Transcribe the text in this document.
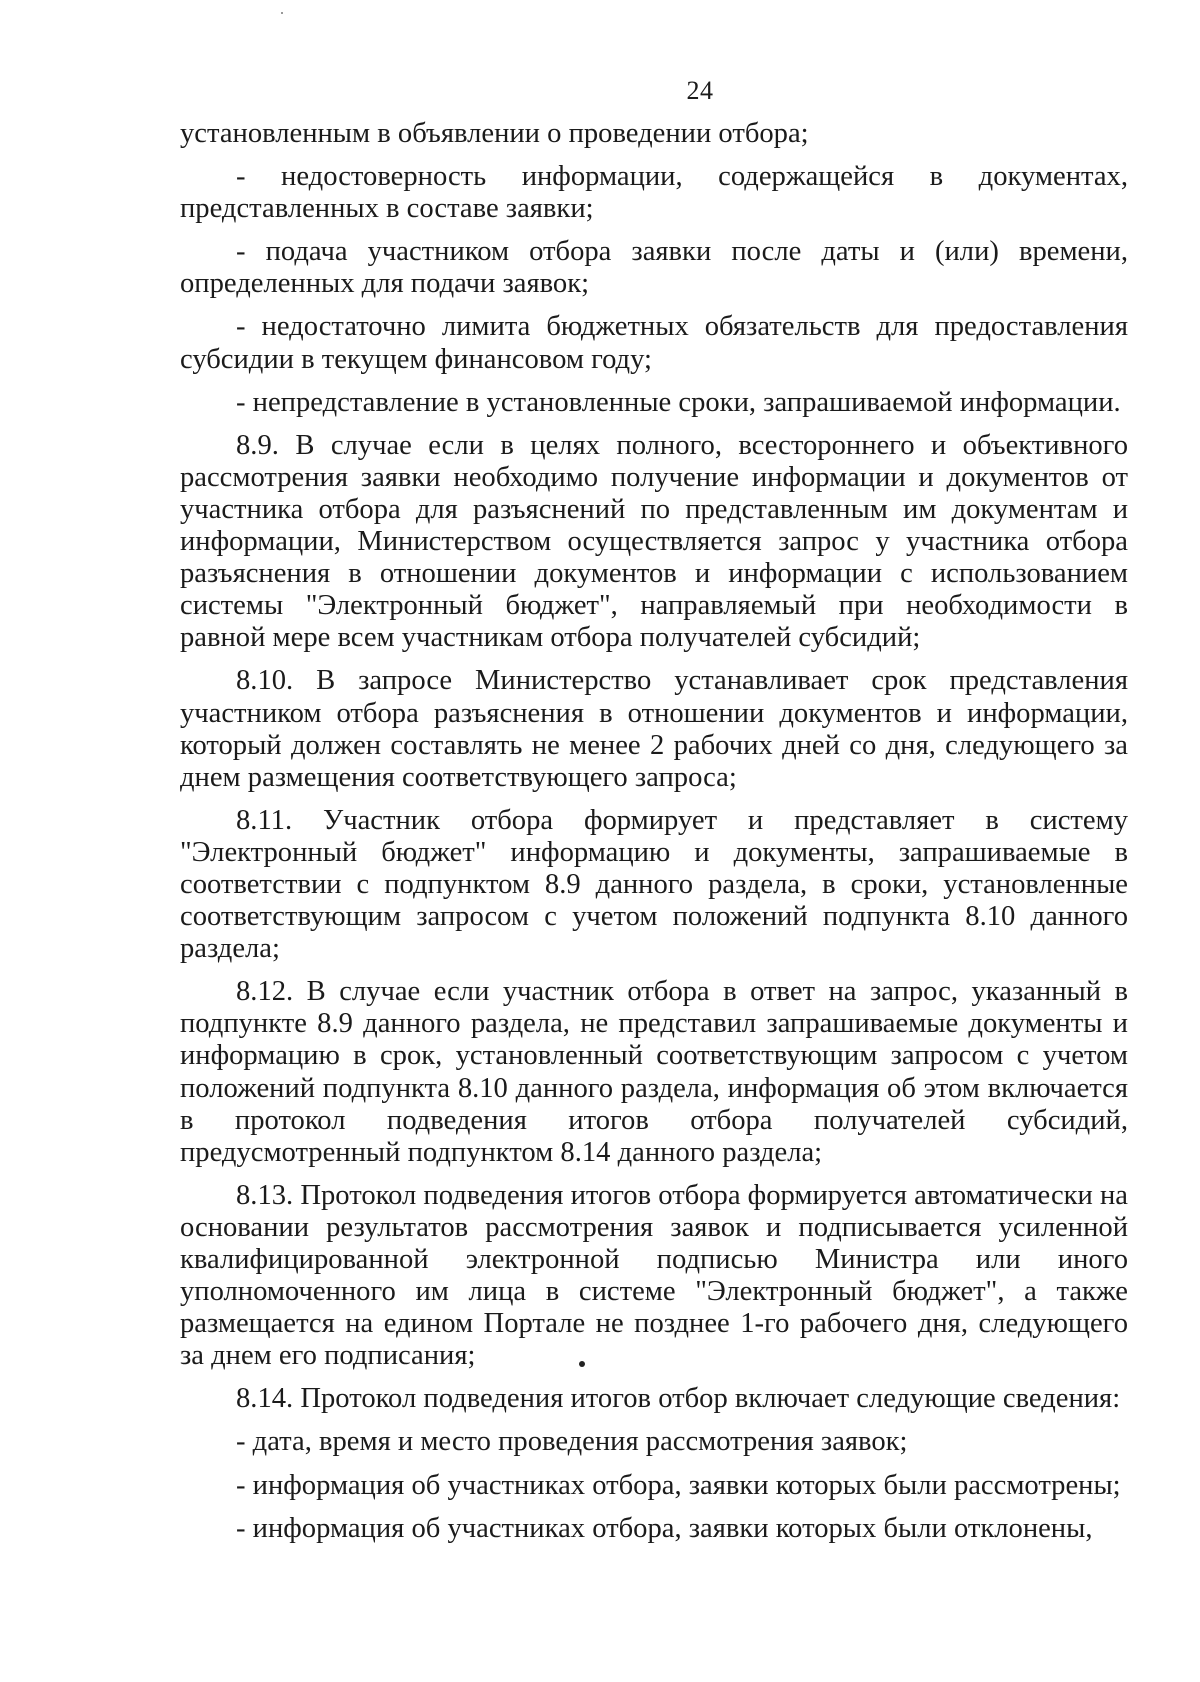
24

установленным в объявлении о проведении отбора;

- недостоверность информации, содержащейся в документах, представленных в составе заявки;

- подача участником отбора заявки после даты и (или) времени, определенных для подачи заявок;

- недостаточно лимита бюджетных обязательств для предоставления субсидии в текущем финансовом году;

- непредставление в установленные сроки, запрашиваемой информации.

8.9. В случае если в целях полного, всестороннего и объективного рассмотрения заявки необходимо получение информации и документов от участника отбора для разъяснений по представленным им документам и информации, Министерством осуществляется запрос у участника отбора разъяснения в отношении документов и информации с использованием системы "Электронный бюджет", направляемый при необходимости в равной мере всем участникам отбора получателей субсидий;

8.10. В запросе Министерство устанавливает срок представления участником отбора разъяснения в отношении документов и информации, который должен составлять не менее 2 рабочих дней со дня, следующего за днем размещения соответствующего запроса;

8.11. Участник отбора формирует и представляет в систему "Электронный бюджет" информацию и документы, запрашиваемые в соответствии с подпунктом 8.9 данного раздела, в сроки, установленные соответствующим запросом с учетом положений подпункта 8.10 данного раздела;

8.12. В случае если участник отбора в ответ на запрос, указанный в подпункте 8.9 данного раздела, не представил запрашиваемые документы и информацию в срок, установленный соответствующим запросом с учетом положений подпункта 8.10 данного раздела, информация об этом включается в протокол подведения итогов отбора получателей субсидий, предусмотренный подпунктом 8.14 данного раздела;

8.13. Протокол подведения итогов отбора формируется автоматически на основании результатов рассмотрения заявок и подписывается усиленной квалифицированной электронной подписью Министра или иного уполномоченного им лица в системе "Электронный бюджет", а также размещается на едином Портале не позднее 1-го рабочего дня, следующего за днем его подписания;

8.14. Протокол подведения итогов отбор включает следующие сведения:

- дата, время и место проведения рассмотрения заявок;

- информация об участниках отбора, заявки которых были рассмотрены;

- информация об участниках отбора, заявки которых были отклонены,
